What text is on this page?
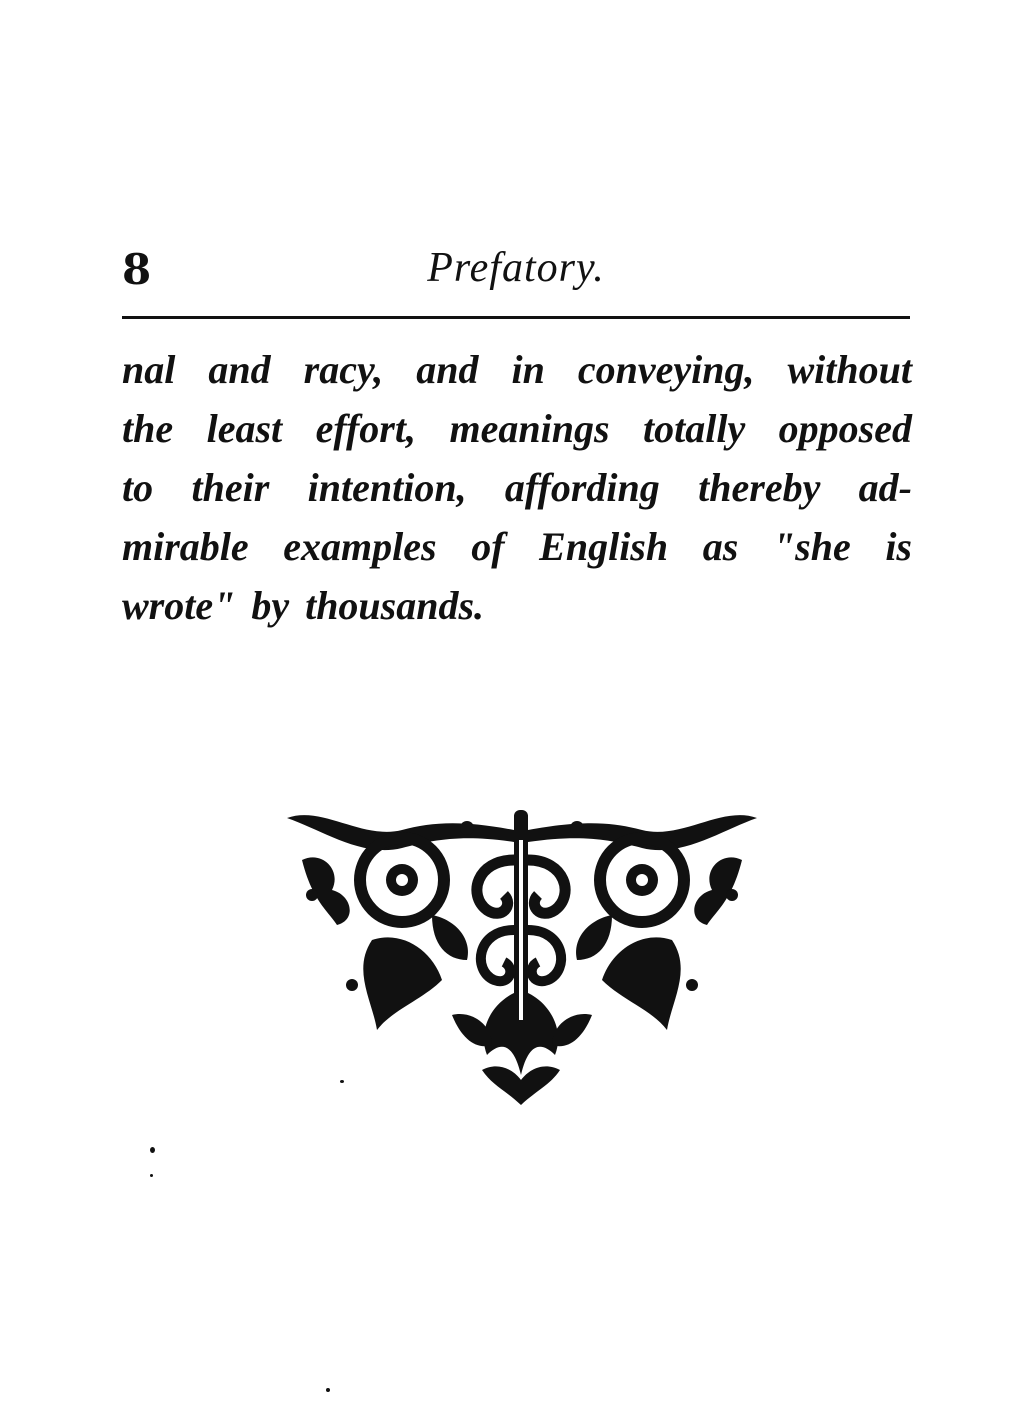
8	Prefatory.

nal and racy, and in conveying, without
the least effort, meanings totally opposed
to their intention, affording thereby ad-
mirable examples of English as "she is
wrote" by thousands.
